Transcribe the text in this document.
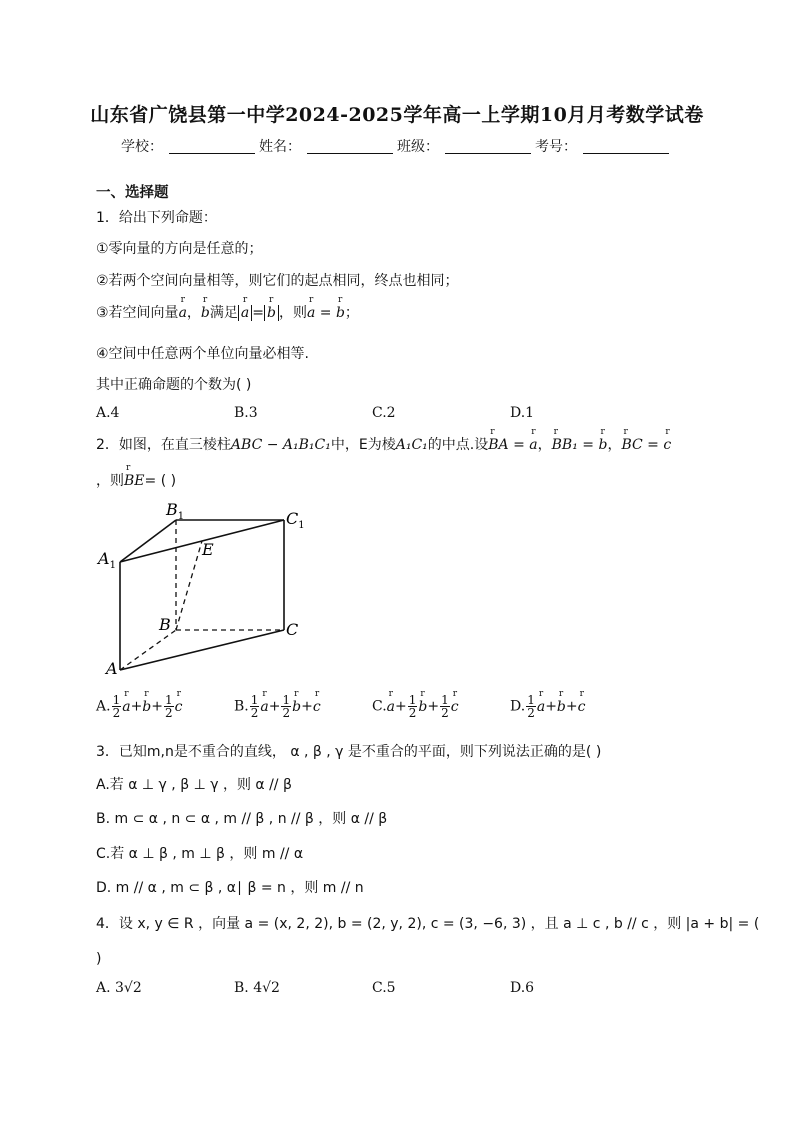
山东省广饶县第一中学2024-2025学年高一上学期10月月考数学试卷
学校：	姓名：	班级：	考号：
一、选择题
1．给出下列命题：
①零向量的方向是任意的；
②若两个空间向量相等，则它们的起点相同，终点也相同；
③若空间向量r a，r b满足 r a = r b ，则r a = r b；
④空间中任意两个单位向量必相等.
其中正确命题的个数为( )
A.4	B.3	C.2	D.1
2．如图，在直三棱柱ABC − A₁B₁C₁中，E为棱A₁C₁的中点.设r BA = r a，r BB₁ = r b，r BC = r c
，则r BE= ( )
$B_1$	$C_1$
$A_1$
E
B	C
A
A. $\frac{1}{2}$ r a+r $b+ \frac{1}{2}$ r c	B. $\frac{1}{2}$ r $a+ \frac{1}{2}$ r b+r c	C.r $a+ \frac{1}{2}$ r $b+ \frac{1}{2}$ r c	D. $\frac{1}{2}$ r a+r b+r c
3．已知m,n是不重合的直线， α , β , γ 是不重合的平面，则下列说法正确的是( )
A.若 α ⊥ γ , β ⊥ γ ，则 α // β
B. m ⊂ α , n ⊂ α , m // β , n // β ，则 α // β
C.若 α ⊥ β , m ⊥ β ，则 m // α
D. m // α , m ⊂ β , α∣ β = n ，则 m // n
4．设 x, y ∈ R ，向量 a = (x, 2, 2), b = (2, y, 2), c = (3, −6, 3) ，且 a ⊥ c , b // c ，则 |a + b| = (
)
A. 3√2	B. 4√2	C.5	D.6
